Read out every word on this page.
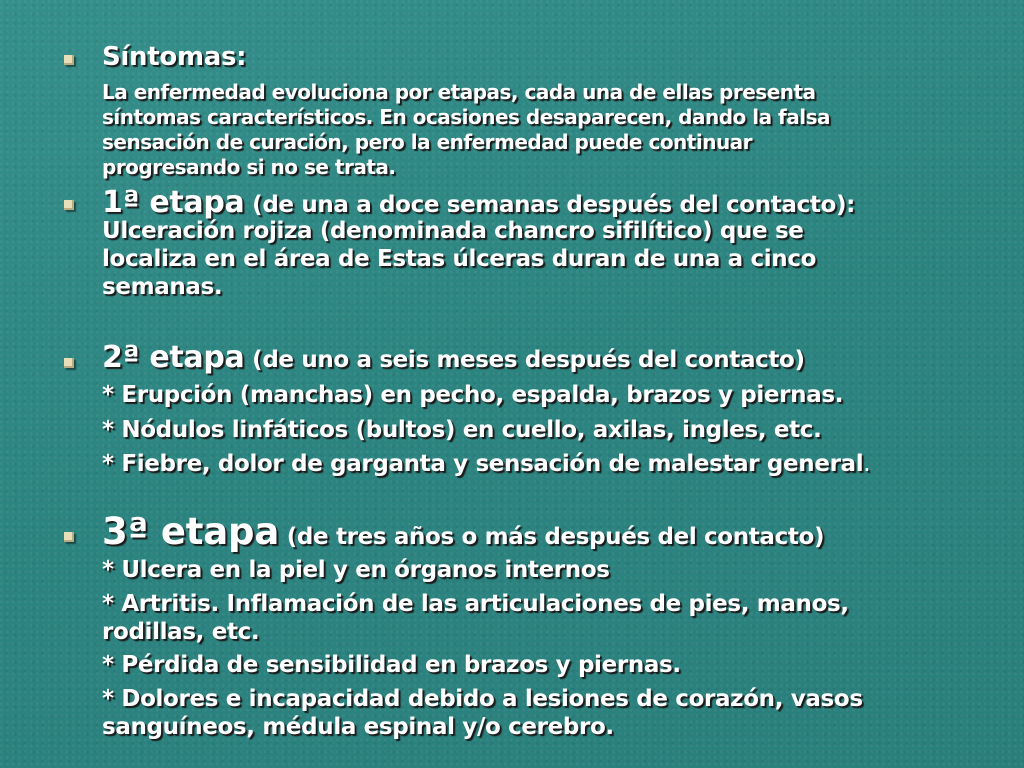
Síntomas:
La enfermedad evoluciona por etapas, cada una de ellas presenta
síntomas característicos. En ocasiones desaparecen, dando la falsa
sensación de curación, pero la enfermedad puede continuar
progresando si no se trata.
1ª etapa (de una a doce semanas después del contacto):
Ulceración rojiza (denominada chancro sifilítico) que se
localiza en el área de Estas úlceras duran de una a cinco
semanas.
2ª etapa (de uno a seis meses después del contacto)
* Erupción (manchas) en pecho, espalda, brazos y piernas.
* Nódulos linfáticos (bultos) en cuello, axilas, ingles, etc.
* Fiebre, dolor de garganta y sensación de malestar general.
3ª etapa (de tres años o más después del contacto)
* Ulcera en la piel y en órganos internos
* Artritis. Inflamación de las articulaciones de pies, manos,
rodillas, etc.
* Pérdida de sensibilidad en brazos y piernas.
* Dolores e incapacidad debido a lesiones de corazón, vasos
sanguíneos, médula espinal y/o cerebro.
